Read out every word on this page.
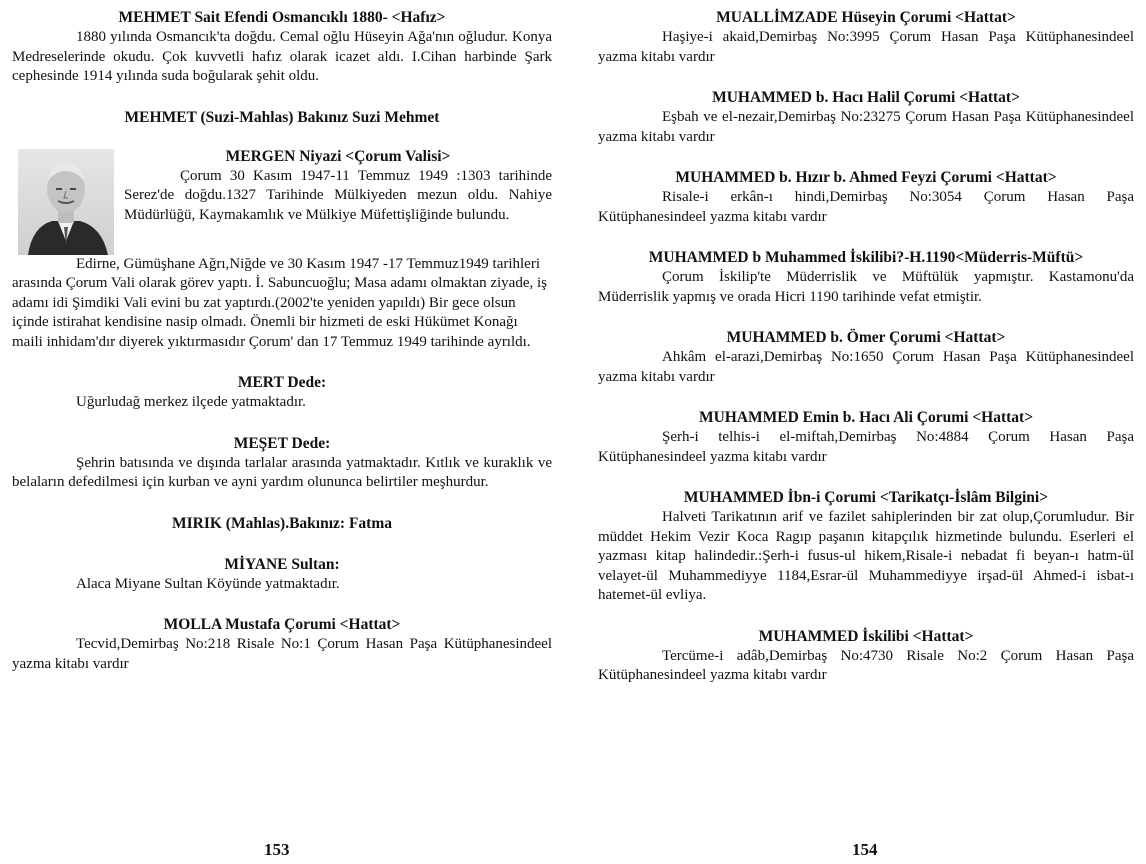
MEHMET Sait Efendi Osmancıklı 1880- <Hafız>

1880 yılında Osmancık'ta doğdu. Cemal oğlu Hüseyin Ağa'nın oğludur. Konya Medreselerinde okudu. Çok kuvvetli hafız olarak icazet aldı. I.Cihan harbinde Şark cephesinde 1914 yılında suda boğularak şehit oldu.

MEHMET (Suzi-Mahlas) Bakınız Suzi Mehmet

MERGEN Niyazi <Çorum Valisi>

Çorum 30 Kasım 1947-11 Temmuz 1949 :1303 tarihinde Serez'de doğdu.1327 Tarihinde Mülkiyeden mezun oldu. Nahiye Müdürlüğü, Kaymakamlık ve Mülkiye Müfettişliğinde bulundu.

Edirne, Gümüşhane Ağrı,Niğde ve 30 Kasım 1947 -17 Temmuz1949 tarihleri arasında Çorum Vali olarak görev yaptı. İ. Sabuncuoğlu; Masa adamı olmaktan ziyade, iş adamı idi Şimdiki Vali evini bu zat yaptırdı.(2002'te yeniden yapıldı) Bir gece olsun içinde istirahat kendisine nasip olmadı. Önemli bir hizmeti de eski Hükümet Konağı maili inhidam'dır diyerek yıktırmasıdır Çorum' dan 17 Temmuz 1949 tarihinde ayrıldı.

MERT Dede:

Uğurludağ merkez ilçede yatmaktadır.

MEŞET Dede:

Şehrin batısında ve dışında tarlalar arasında yatmaktadır. Kıtlık ve kuraklık ve belaların defedilmesi için kurban ve ayni yardım olununca belirtiler meşhurdur.

MIRIK (Mahlas).Bakınız: Fatma

MİYANE Sultan:

Alaca Miyane Sultan Köyünde yatmaktadır.

MOLLA Mustafa Çorumi <Hattat>

Tecvid,Demirbaş No:218 Risale No:1 Çorum Hasan Paşa Kütüphanesindeel yazma kitabı vardır

MUALLİMZADE Hüseyin Çorumi <Hattat>

Haşiye-i akaid,Demirbaş No:3995 Çorum Hasan Paşa Kütüphanesindeel yazma kitabı vardır

MUHAMMED b. Hacı Halil Çorumi <Hattat>

Eşbah ve el-nezair,Demirbaş No:23275 Çorum Hasan Paşa Kütüphanesindeel yazma kitabı vardır

MUHAMMED b. Hızır b. Ahmed Feyzi Çorumi <Hattat>

Risale-i erkân-ı hindi,Demirbaş No:3054 Çorum Hasan Paşa Kütüphanesindeel yazma kitabı vardır

MUHAMMED b Muhammed İskilibi?-H.1190<Müderris-Müftü>

Çorum İskilip'te Müderrislik ve Müftülük yapmıştır. Kastamonu'da Müderrislik yapmış ve orada Hicri 1190 tarihinde vefat etmiştir.

MUHAMMED b. Ömer Çorumi <Hattat>

Ahkâm el-arazi,Demirbaş No:1650 Çorum Hasan Paşa Kütüphanesindeel yazma kitabı vardır

MUHAMMED Emin b. Hacı Ali Çorumi <Hattat>

Şerh-i telhis-i el-miftah,Demirbaş No:4884 Çorum Hasan Paşa Kütüphanesindeel yazma kitabı vardır

MUHAMMED İbn-i Çorumi <Tarikatçı-İslâm Bilgini>

Halveti Tarikatının arif ve fazilet sahiplerinden bir zat olup,Çorumludur. Bir müddet Hekim Vezir Koca Ragıp paşanın kitapçılık hizmetinde bulundu. Eserleri el yazması kitap halindedir.:Şerh-i fusus-ul hikem,Risale-i nebadat fi beyan-ı hatm-ül velayet-ül Muhammediyye 1184,Esrar-ül Muhammediyye irşad-ül Ahmed-i isbat-ı hatemet-ül evliya.

MUHAMMED İskilibi <Hattat>

Tercüme-i adâb,Demirbaş No:4730 Risale No:2 Çorum Hasan Paşa Kütüphanesindeel yazma kitabı vardır

153	154
